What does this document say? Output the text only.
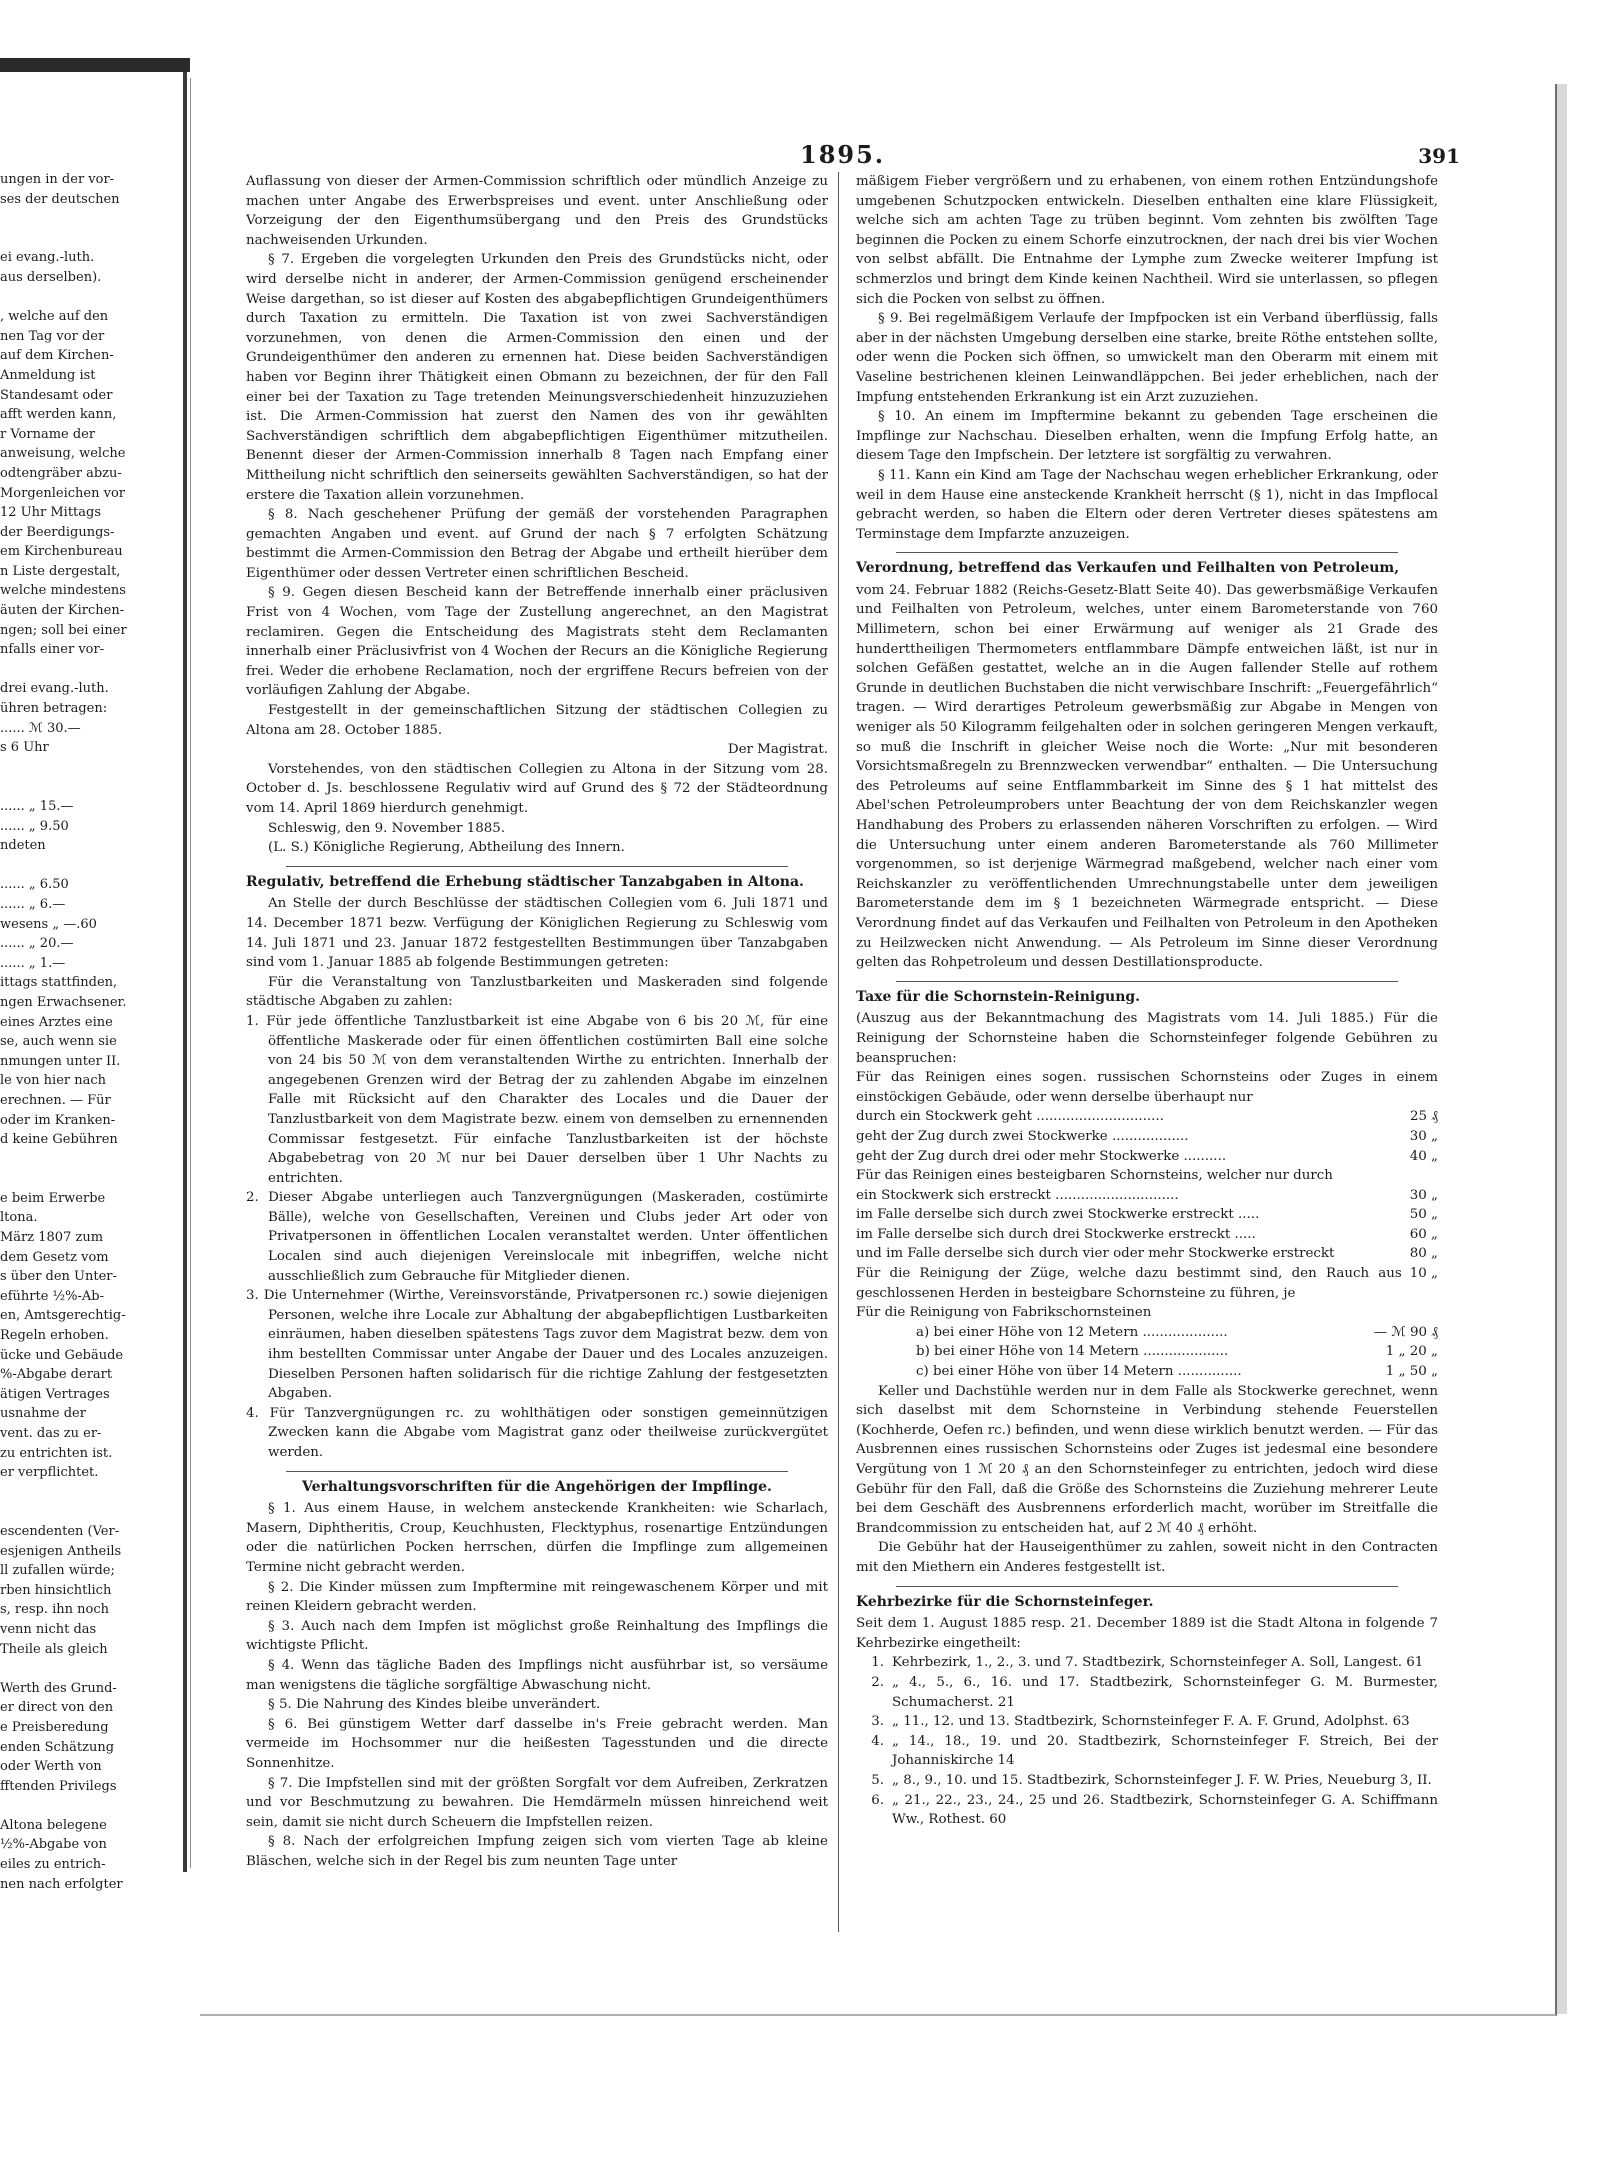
1895.	391
ungen in der vor-
ses der deutschen

ei evang.-luth.
aus derselben).

, welche auf den
nen Tag vor der
auf dem Kirchen-
Anmeldung ist
Standesamt oder
afft werden kann,
r Vorname der
anweisung, welche
odtengräber abzu-
Morgenleichen vor
12 Uhr Mittags
der Beerdigungs-
em Kirchenbureau
n Liste dergestalt,
welche mindestens
äuten der Kirchen-
ngen; soll bei einer
nfalls einer vor-

drei evang.-luth.
ühren betragen:
...... ℳ 30.—
s 6 Uhr

...... „ 15.—
...... „ 9.50
ndeten

...... „ 6.50
...... „ 6.—
wesens „ —.60
...... „ 20.—
...... „ 1.—
ittags stattfinden,
ngen Erwachsener.
eines Arztes eine
se, auch wenn sie
nmungen unter II.
le von hier nach
erechnen. — Für
oder im Kranken-
d keine Gebühren

e beim Erwerbe
ltona.
März 1807 zum
dem Gesetz vom
s über den Unter-
eführte ½%-Ab-
en, Amtsgerechtig-
Regeln erhoben.
ücke und Gebäude
%-Abgabe derart
ätigen Vertrages
usnahme der
vent. das zu er-
zu entrichten ist.
er verpflichtet.

escendenten (Ver-
esjenigen Antheils
ll zufallen würde;
rben hinsichtlich
s, resp. ihn noch
venn nicht das
Theile als gleich

Werth des Grund-
er direct von den
e Preisberedung
enden Schätzung
oder Werth von
fftenden Privilegs

Altona belegene
½%-Abgabe von
eiles zu entrich-
nen nach erfolgter

Auflassung von dieser der Armen-Commission schriftlich oder mündlich Anzeige zu machen unter Angabe des Erwerbspreises und event. unter Anschließung oder Vorzeigung der den Eigenthumsübergang und den Preis des Grundstücks nachweisenden Urkunden.

§ 7. Ergeben die vorgelegten Urkunden den Preis des Grundstücks nicht, oder wird derselbe nicht in anderer, der Armen-Commission genügend erscheinender Weise dargethan, so ist dieser auf Kosten des abgabepflichtigen Grundeigenthümers durch Taxation zu ermitteln. Die Taxation ist von zwei Sachverständigen vorzunehmen, von denen die Armen-Commission den einen und der Grundeigenthümer den anderen zu ernennen hat. Diese beiden Sachverständigen haben vor Beginn ihrer Thätigkeit einen Obmann zu bezeichnen, der für den Fall einer bei der Taxation zu Tage tretenden Meinungsverschiedenheit hinzuzuziehen ist. Die Armen-Commission hat zuerst den Namen des von ihr gewählten Sachverständigen schriftlich dem abgabepflichtigen Eigenthümer mitzutheilen. Benennt dieser der Armen-Commission innerhalb 8 Tagen nach Empfang einer Mittheilung nicht schriftlich den seinerseits gewählten Sachverständigen, so hat der erstere die Taxation allein vorzunehmen.

§ 8. Nach geschehener Prüfung der gemäß der vorstehenden Paragraphen gemachten Angaben und event. auf Grund der nach § 7 erfolgten Schätzung bestimmt die Armen-Commission den Betrag der Abgabe und ertheilt hierüber dem Eigenthümer oder dessen Vertreter einen schriftlichen Bescheid.

§ 9. Gegen diesen Bescheid kann der Betreffende innerhalb einer präclusiven Frist von 4 Wochen, vom Tage der Zustellung angerechnet, an den Magistrat reclamiren. Gegen die Entscheidung des Magistrats steht dem Reclamanten innerhalb einer Präclusivfrist von 4 Wochen der Recurs an die Königliche Regierung frei. Weder die erhobene Reclamation, noch der ergriffene Recurs befreien von der vorläufigen Zahlung der Abgabe.

Festgestellt in der gemeinschaftlichen Sitzung der städtischen Collegien zu Altona am 28. October 1885.

Der Magistrat.

Vorstehendes, von den städtischen Collegien zu Altona in der Sitzung vom 28. October d. Js. beschlossene Regulativ wird auf Grund des § 72 der Städteordnung vom 14. April 1869 hierdurch genehmigt.

Schleswig, den 9. November 1885.

(L. S.) Königliche Regierung, Abtheilung des Innern.

Regulativ, betreffend die Erhebung städtischer Tanzabgaben in Altona.

An Stelle der durch Beschlüsse der städtischen Collegien vom 6. Juli 1871 und 14. December 1871 bezw. Verfügung der Königlichen Regierung zu Schleswig vom 14. Juli 1871 und 23. Januar 1872 festgestellten Bestimmungen über Tanzabgaben sind vom 1. Januar 1885 ab folgende Bestimmungen getreten:

Für die Veranstaltung von Tanzlustbarkeiten und Maskeraden sind folgende städtische Abgaben zu zahlen:

1. Für jede öffentliche Tanzlustbarkeit ist eine Abgabe von 6 bis 20 ℳ, für eine öffentliche Maskerade oder für einen öffentlichen costümirten Ball eine solche von 24 bis 50 ℳ von dem veranstaltenden Wirthe zu entrichten. Innerhalb der angegebenen Grenzen wird der Betrag der zu zahlenden Abgabe im einzelnen Falle mit Rücksicht auf den Charakter des Locales und die Dauer der Tanzlustbarkeit von dem Magistrate bezw. einem von demselben zu ernennenden Commissar festgesetzt. Für einfache Tanzlustbarkeiten ist der höchste Abgabebetrag von 20 ℳ nur bei Dauer derselben über 1 Uhr Nachts zu entrichten.

2. Dieser Abgabe unterliegen auch Tanzvergnügungen (Maskeraden, costümirte Bälle), welche von Gesellschaften, Vereinen und Clubs jeder Art oder von Privatpersonen in öffentlichen Localen veranstaltet werden. Unter öffentlichen Localen sind auch diejenigen Vereinslocale mit inbegriffen, welche nicht ausschließlich zum Gebrauche für Mitglieder dienen.

3. Die Unternehmer (Wirthe, Vereinsvorstände, Privatpersonen rc.) sowie diejenigen Personen, welche ihre Locale zur Abhaltung der abgabepflichtigen Lustbarkeiten einräumen, haben dieselben spätestens Tags zuvor dem Magistrat bezw. dem von ihm bestellten Commissar unter Angabe der Dauer und des Locales anzuzeigen. Dieselben Personen haften solidarisch für die richtige Zahlung der festgesetzten Abgaben.

4. Für Tanzvergnügungen rc. zu wohlthätigen oder sonstigen gemeinnützigen Zwecken kann die Abgabe vom Magistrat ganz oder theilweise zurückvergütet werden.

Verhaltungsvorschriften für die Angehörigen der Impflinge.

§ 1. Aus einem Hause, in welchem ansteckende Krankheiten: wie Scharlach, Masern, Diphtheritis, Croup, Keuchhusten, Flecktyphus, rosenartige Entzündungen oder die natürlichen Pocken herrschen, dürfen die Impflinge zum allgemeinen Termine nicht gebracht werden.

§ 2. Die Kinder müssen zum Impftermine mit reingewaschenem Körper und mit reinen Kleidern gebracht werden.

§ 3. Auch nach dem Impfen ist möglichst große Reinhaltung des Impflings die wichtigste Pflicht.

§ 4. Wenn das tägliche Baden des Impflings nicht ausführbar ist, so versäume man wenigstens die tägliche sorgfältige Abwaschung nicht.

§ 5. Die Nahrung des Kindes bleibe unverändert.

§ 6. Bei günstigem Wetter darf dasselbe in's Freie gebracht werden. Man vermeide im Hochsommer nur die heißesten Tagesstunden und die directe Sonnenhitze.

§ 7. Die Impfstellen sind mit der größten Sorgfalt vor dem Aufreiben, Zerkratzen und vor Beschmutzung zu bewahren. Die Hemdärmeln müssen hinreichend weit sein, damit sie nicht durch Scheuern die Impfstellen reizen.

§ 8. Nach der erfolgreichen Impfung zeigen sich vom vierten Tage ab kleine Bläschen, welche sich in der Regel bis zum neunten Tage unter

mäßigem Fieber vergrößern und zu erhabenen, von einem rothen Entzündungshofe umgebenen Schutzpocken entwickeln. Dieselben enthalten eine klare Flüssigkeit, welche sich am achten Tage zu trüben beginnt. Vom zehnten bis zwölften Tage beginnen die Pocken zu einem Schorfe einzutrocknen, der nach drei bis vier Wochen von selbst abfällt. Die Entnahme der Lymphe zum Zwecke weiterer Impfung ist schmerzlos und bringt dem Kinde keinen Nachtheil. Wird sie unterlassen, so pflegen sich die Pocken von selbst zu öffnen.

§ 9. Bei regelmäßigem Verlaufe der Impfpocken ist ein Verband überflüssig, falls aber in der nächsten Umgebung derselben eine starke, breite Röthe entstehen sollte, oder wenn die Pocken sich öffnen, so umwickelt man den Oberarm mit einem mit Vaseline bestrichenen kleinen Leinwandläppchen. Bei jeder erheblichen, nach der Impfung entstehenden Erkrankung ist ein Arzt zuzuziehen.

§ 10. An einem im Impftermine bekannt zu gebenden Tage erscheinen die Impflinge zur Nachschau. Dieselben erhalten, wenn die Impfung Erfolg hatte, an diesem Tage den Impfschein. Der letztere ist sorgfältig zu verwahren.

§ 11. Kann ein Kind am Tage der Nachschau wegen erheblicher Erkrankung, oder weil in dem Hause eine ansteckende Krankheit herrscht (§ 1), nicht in das Impflocal gebracht werden, so haben die Eltern oder deren Vertreter dieses spätestens am Terminstage dem Impfarzte anzuzeigen.

Verordnung, betreffend das Verkaufen und Feilhalten von Petroleum,

vom 24. Februar 1882 (Reichs-Gesetz-Blatt Seite 40). Das gewerbsmäßige Verkaufen und Feilhalten von Petroleum, welches, unter einem Barometerstande von 760 Millimetern, schon bei einer Erwärmung auf weniger als 21 Grade des hunderttheiligen Thermometers entflammbare Dämpfe entweichen läßt, ist nur in solchen Gefäßen gestattet, welche an in die Augen fallender Stelle auf rothem Grunde in deutlichen Buchstaben die nicht verwischbare Inschrift: „Feuergefährlich“ tragen. — Wird derartiges Petroleum gewerbsmäßig zur Abgabe in Mengen von weniger als 50 Kilogramm feilgehalten oder in solchen geringeren Mengen verkauft, so muß die Inschrift in gleicher Weise noch die Worte: „Nur mit besonderen Vorsichtsmaßregeln zu Brennzwecken verwendbar“ enthalten. — Die Untersuchung des Petroleums auf seine Entflammbarkeit im Sinne des § 1 hat mittelst des Abel'schen Petroleumprobers unter Beachtung der von dem Reichskanzler wegen Handhabung des Probers zu erlassenden näheren Vorschriften zu erfolgen. — Wird die Untersuchung unter einem anderen Barometerstande als 760 Millimeter vorgenommen, so ist derjenige Wärmegrad maßgebend, welcher nach einer vom Reichskanzler zu veröffentlichenden Umrechnungstabelle unter dem jeweiligen Barometerstande dem im § 1 bezeichneten Wärmegrade entspricht. — Diese Verordnung findet auf das Verkaufen und Feilhalten von Petroleum in den Apotheken zu Heilzwecken nicht Anwendung. — Als Petroleum im Sinne dieser Verordnung gelten das Rohpetroleum und dessen Destillationsproducte.

Taxe für die Schornstein-Reinigung.

(Auszug aus der Bekanntmachung des Magistrats vom 14. Juli 1885.) Für die Reinigung der Schornsteine haben die Schornsteinfeger folgende Gebühren zu beanspruchen:

Für das Reinigen eines sogen. russischen Schornsteins oder Zuges in einem einstöckigen Gebäude, oder wenn derselbe überhaupt nur

durch ein Stockwerk geht ..............................	25 ₰
geht der Zug durch zwei Stockwerke ..................	30 „
geht der Zug durch drei oder mehr Stockwerke ..........	40 „

Für das Reinigen eines besteigbaren Schornsteins, welcher nur durch

ein Stockwerk sich erstreckt .............................	30 „
im Falle derselbe sich durch zwei Stockwerke erstreckt .....	50 „
im Falle derselbe sich durch drei Stockwerke erstreckt .....	60 „
und im Falle derselbe sich durch vier oder mehr Stockwerke erstreckt	80 „
Für die Reinigung der Züge, welche dazu bestimmt sind, den Rauch aus geschlossenen Herden in besteigbare Schornsteine zu führen, je
10 „

Für die Reinigung von Fabrikschornsteinen

a) bei einer Höhe von 12 Metern ....................	— ℳ 90 ₰
b) bei einer Höhe von 14 Metern ....................	1 „ 20 „
c) bei einer Höhe von über 14 Metern ...............	1 „ 50 „

Keller und Dachstühle werden nur in dem Falle als Stockwerke gerechnet, wenn sich daselbst mit dem Schornsteine in Verbindung stehende Feuerstellen (Kochherde, Oefen rc.) befinden, und wenn diese wirklich benutzt werden. — Für das Ausbrennen eines russischen Schornsteins oder Zuges ist jedesmal eine besondere Vergütung von 1 ℳ 20 ₰ an den Schornsteinfeger zu entrichten, jedoch wird diese Gebühr für den Fall, daß die Größe des Schornsteins die Zuziehung mehrerer Leute bei dem Geschäft des Ausbrennens erforderlich macht, worüber im Streitfalle die Brandcommission zu entscheiden hat, auf 2 ℳ 40 ₰ erhöht.

Die Gebühr hat der Hauseigenthümer zu zahlen, soweit nicht in den Contracten mit den Miethern ein Anderes festgestellt ist.

Kehrbezirke für die Schornsteinfeger.

Seit dem 1. August 1885 resp. 21. December 1889 ist die Stadt Altona in folgende 7 Kehrbezirke eingetheilt:

1. Kehrbezirk, 1., 2., 3. und 7. Stadtbezirk, Schornsteinfeger A. Soll, Langest. 61
2. „ 4., 5., 6., 16. und 17. Stadtbezirk, Schornsteinfeger G. M. Burmester, Schumacherst. 21
3. „ 11., 12. und 13. Stadtbezirk, Schornsteinfeger F. A. F. Grund, Adolphst. 63
4. „ 14., 18., 19. und 20. Stadtbezirk, Schornsteinfeger F. Streich, Bei der Johanniskirche 14
5. „ 8., 9., 10. und 15. Stadtbezirk, Schornsteinfeger J. F. W. Pries, Neueburg 3, II.
6. „ 21., 22., 23., 24., 25 und 26. Stadtbezirk, Schornsteinfeger G. A. Schiffmann Ww., Rothest. 60
